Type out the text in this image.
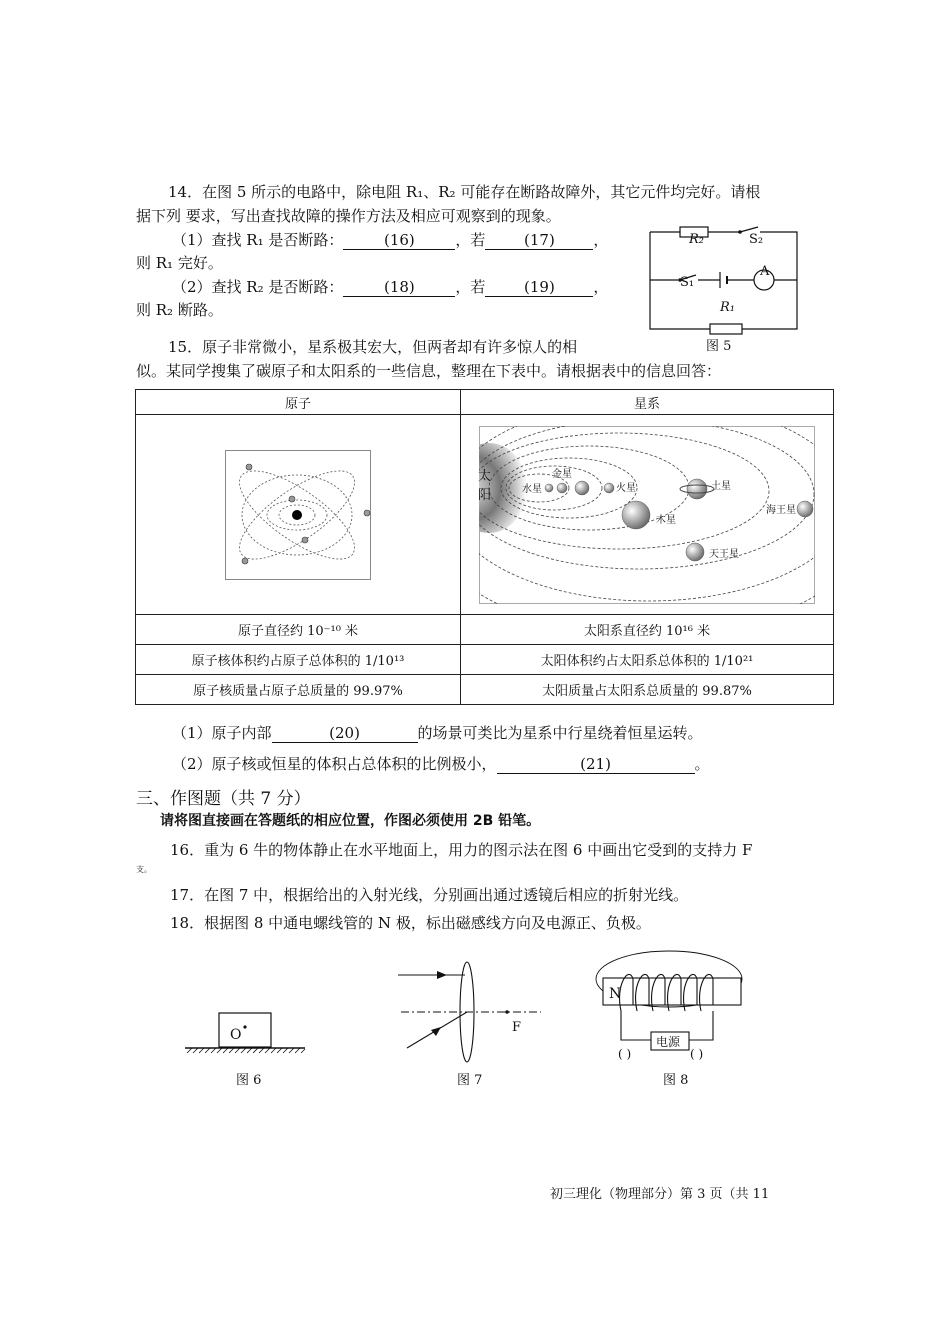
14．在图 5 所示的电路中，除电阻 R₁、R₂ 可能存在断路故障外，其它元件均完好。请根
据下列 要求，写出查找故障的操作方法及相应可观察到的现象。
（1）查找 R₁ 是否断路：	(16)	，若	(17)	，
则 R₁ 完好。
（2）查找 R₂ 是否断路：	(18)	，若	(19)	，
则 R₂ 断路。
R₂	S₂
S₁
A
R₁
图 5
15．原子非常微小，星系极其宏大，但两者却有许多惊人的相
似。某同学搜集了碳原子和太阳系的一些信息，整理在下表中。请根据表中的信息回答：
原子	星系

原子直径约 10⁻¹⁰ 米	太阳系直径约 10¹⁶ 米
原子核体积约占原子总体积的 1/10¹³	太阳体积约占太阳系总体积的 1/10²¹
原子核质量占原子总质量的 99.97%	太阳质量占太阳系总质量的 99.87%
太
阳
金星
水星	火星	土星
木星
海王星
天王星
（1）原子内部	(20)	的场景可类比为星系中行星绕着恒星运转。
（2）原子核或恒星的体积占总体积的比例极小，	(21)	。
三、作图题（共 7 分）
请将图直接画在答题纸的相应位置，作图必须使用 2B 铅笔。
16．重为 6 牛的物体静止在水平地面上，用力的图示法在图 6 中画出它受到的支持力 F
支。
17．在图 7 中，根据给出的入射光线，分别画出通过透镜后相应的折射光线。
18．根据图 8 中通电螺线管的 N 极，标出磁感线方向及电源正、负极。
O
图 6
F
图 7
N
电源
( )	( )
图 8
初三理化（物理部分）第 3 页（共 11
